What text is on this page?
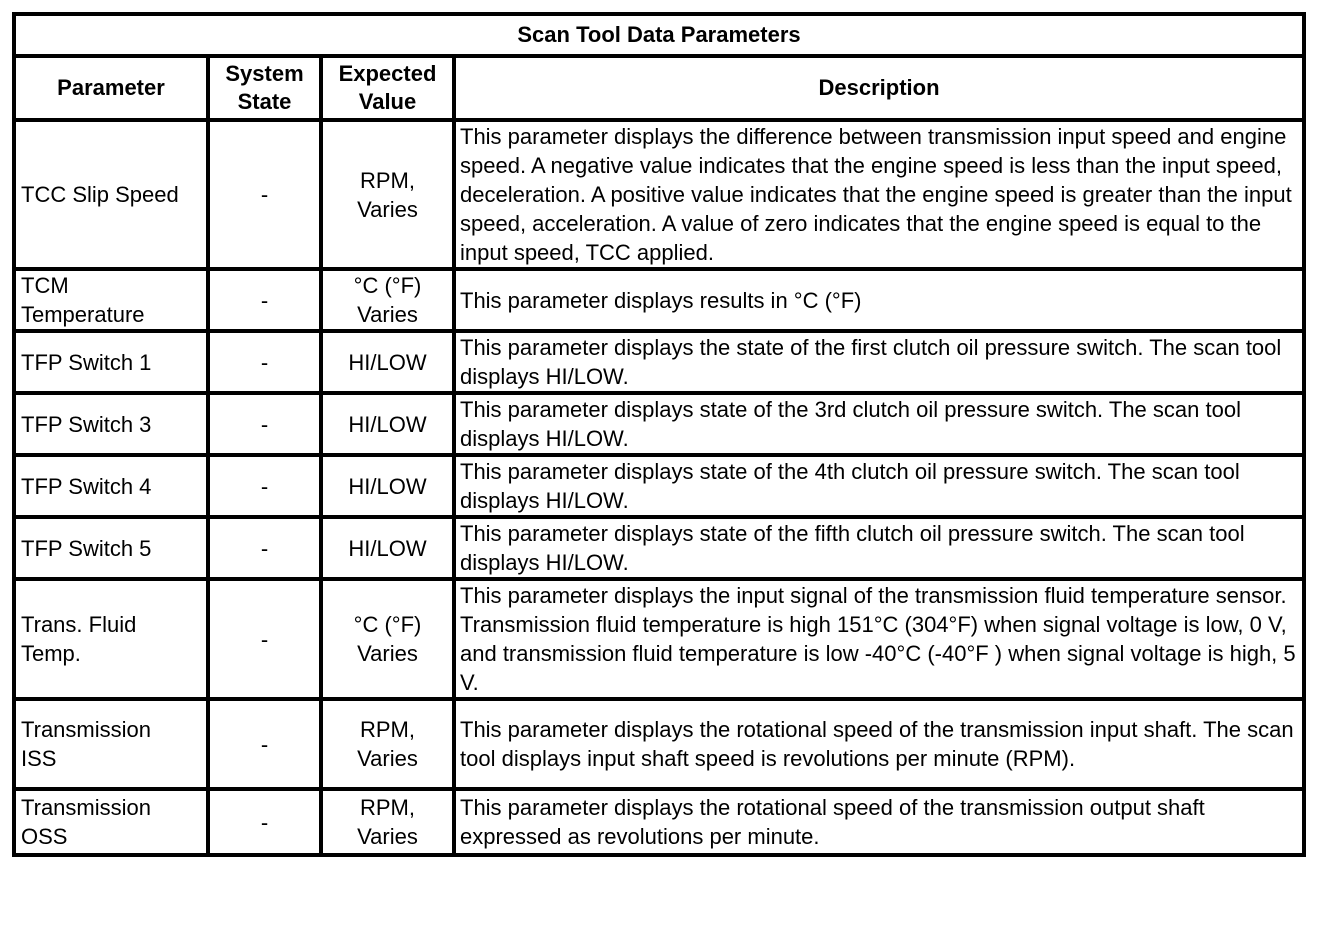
Scan Tool Data Parameters			
Parameter	System State	Expected Value	Description

TCC Slip Speed	-	RPM, Varies	This parameter displays the difference between transmission input speed and engine speed. A negative value indicates that the engine speed is less than the input speed, deceleration. A positive value indicates that the engine speed is greater than the input speed, acceleration. A value of zero indicates that the engine speed is equal to the input speed, TCC applied.

TCM Temperature	-	°C (°F) Varies	This parameter displays results in °C (°F)

TFP Switch 1	-	HI/LOW	This parameter displays the state of the first clutch oil pressure switch. The scan tool displays HI/LOW.

TFP Switch 3	-	HI/LOW	This parameter displays state of the 3rd clutch oil pressure switch. The scan tool displays HI/LOW.

TFP Switch 4	-	HI/LOW	This parameter displays state of the 4th clutch oil pressure switch. The scan tool displays HI/LOW.

TFP Switch 5	-	HI/LOW	This parameter displays state of the fifth clutch oil pressure switch. The scan tool displays HI/LOW.

Trans. Fluid Temp.	-	°C (°F) Varies	This parameter displays the input signal of the transmission fluid temperature sensor. Transmission fluid temperature is high 151°C (304°F) when signal voltage is low, 0 V, and transmission fluid temperature is low -40°C (-40°F ) when signal voltage is high, 5 V.

Transmission ISS	-	RPM, Varies	This parameter displays the rotational speed of the transmission input shaft. The scan tool displays input shaft speed is revolutions per minute (RPM).

Transmission OSS	-	RPM, Varies	This parameter displays the rotational speed of the transmission output shaft expressed as revolutions per minute.
